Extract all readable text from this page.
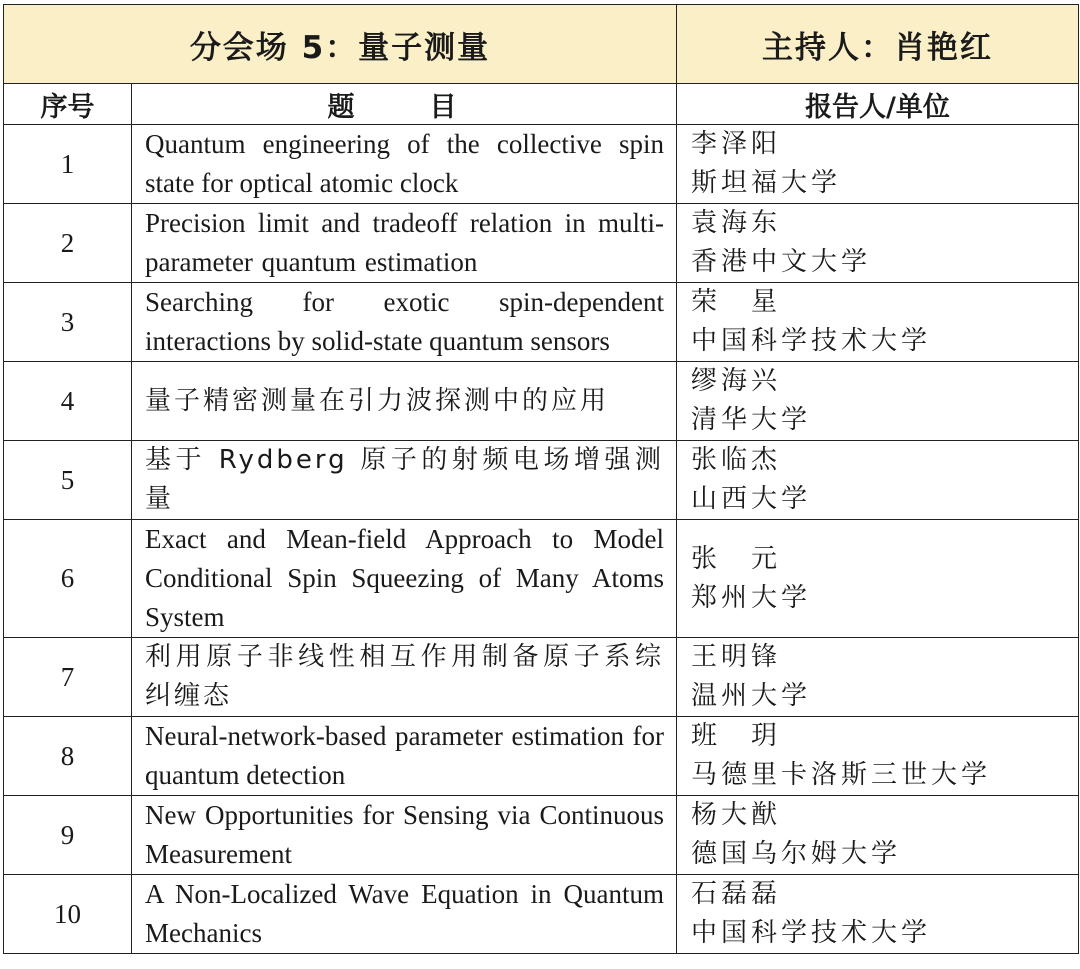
分会场 5：量子测量		主持人：肖艳红
序号	题　目	报告人/单位
1	Quantum engineering of the collective spin state for optical atomic clock	李泽阳
斯坦福大学

2	Precision limit and tradeoff relation in multi-parameter quantum estimation	袁海东
香港中文大学

3	Searching for exotic spin-dependent interactions by solid-state quantum sensors	荣　星
中国科学技术大学

4	量子精密测量在引力波探测中的应用	缪海兴
清华大学

5	基于 Rydberg 原子的射频电场增强测量	张临杰
山西大学

6	Exact and Mean-field Approach to Model Conditional Spin Squeezing of Many Atoms System	张　元
郑州大学

7	利用原子非线性相互作用制备原子系综纠缠态	王明锋
温州大学

8	Neural-network-based parameter estimation for quantum detection	班　玥
马德里卡洛斯三世大学

9	New Opportunities for Sensing via Continuous Measurement	杨大猷
德国乌尔姆大学

10	A Non-Localized Wave Equation in Quantum Mechanics	石磊磊
中国科学技术大学
